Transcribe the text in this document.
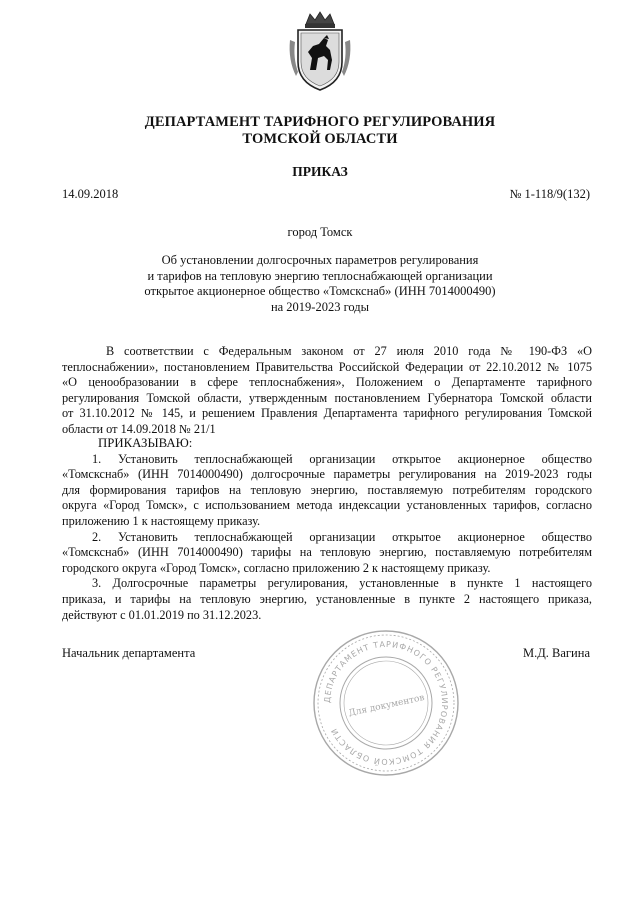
ДЕПАРТАМЕНТ ТАРИФНОГО РЕГУЛИРОВАНИЯ
ТОМСКОЙ ОБЛАСТИ
ПРИКАЗ
14.09.2018	№ 1-118/9(132)
город Томск
Об установлении долгосрочных параметров регулирования
и тарифов на тепловую энергию теплоснабжающей организации
открытое акционерное общество «Томскснаб» (ИНН 7014000490)
на 2019-2023 годы
В соответствии с Федеральным законом от 27 июля 2010 года № 190-ФЗ «О
теплоснабжении», постановлением Правительства Российской Федерации от 22.10.2012 № 1075
«О ценообразовании в сфере теплоснабжения», Положением о Департаменте тарифного
регулирования Томской области, утвержденным постановлением Губернатора Томской области
от 31.10.2012 № 145, и решением Правления Департамента тарифного регулирования Томской
области от 14.09.2018 № 21/1
ПРИКАЗЫВАЮ:
1. Установить теплоснабжающей организации открытое акционерное общество
«Томскснаб» (ИНН 7014000490) долгосрочные параметры регулирования на 2019-2023 годы
для формирования тарифов на тепловую энергию, поставляемую потребителям городского
округа «Город Томск», с использованием метода индексации установленных тарифов, согласно
приложению 1 к настоящему приказу.
2. Установить теплоснабжающей организации открытое акционерное общество
«Томскснаб» (ИНН 7014000490) тарифы на тепловую энергию, поставляемую потребителям
городского округа «Город Томск», согласно приложению 2 к настоящему приказу.
3. Долгосрочные параметры регулирования, установленные в пункте 1 настоящего
приказа, и тарифы на тепловую энергию, установленные в пункте 2 настоящего приказа,
действуют с 01.01.2019 по 31.12.2023.
Начальник департамента	М.Д. Вагина
ДЕПАРТАМЕНТ ТАРИФНОГО РЕГУЛИРОВАНИЯ ТОМСКОЙ ОБЛАСТИ
Для документов
